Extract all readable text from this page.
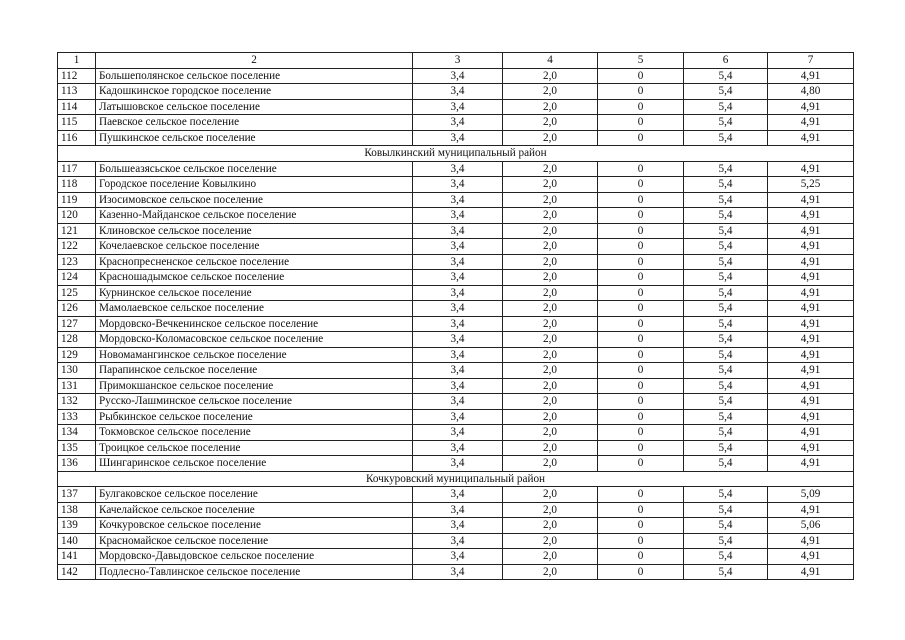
1	2	3	4	5	6	7
112	Большеполянское сельское поселение	3,4	2,0	0	5,4	4,91
113	Кадошкинское городское поселение	3,4	2,0	0	5,4	4,80
114	Латышовское сельское поселение	3,4	2,0	0	5,4	4,91
115	Паевское сельское поселение	3,4	2,0	0	5,4	4,91
116	Пушкинское сельское поселение	3,4	2,0	0	5,4	4,91
Ковылкинский муниципальный район						
117	Большеазясьское сельское поселение	3,4	2,0	0	5,4	4,91
118	Городское поселение Ковылкино	3,4	2,0	0	5,4	5,25
119	Изосимовское сельское поселение	3,4	2,0	0	5,4	4,91
120	Казенно-Майданское сельское поселение	3,4	2,0	0	5,4	4,91
121	Клиновское сельское поселение	3,4	2,0	0	5,4	4,91
122	Кочелаевское сельское поселение	3,4	2,0	0	5,4	4,91
123	Краснопресненское сельское поселение	3,4	2,0	0	5,4	4,91
124	Красношадымское сельское поселение	3,4	2,0	0	5,4	4,91
125	Курнинское сельское поселение	3,4	2,0	0	5,4	4,91
126	Мамолаевское сельское поселение	3,4	2,0	0	5,4	4,91
127	Мордовско-Вечкенинское сельское поселение	3,4	2,0	0	5,4	4,91
128	Мордовско-Коломасовское сельское поселение	3,4	2,0	0	5,4	4,91
129	Новомамангинское сельское поселение	3,4	2,0	0	5,4	4,91
130	Парапинское сельское поселение	3,4	2,0	0	5,4	4,91
131	Примокшанское сельское поселение	3,4	2,0	0	5,4	4,91
132	Русско-Лашминское сельское поселение	3,4	2,0	0	5,4	4,91
133	Рыбкинское сельское поселение	3,4	2,0	0	5,4	4,91
134	Токмовское сельское поселение	3,4	2,0	0	5,4	4,91
135	Троицкое сельское поселение	3,4	2,0	0	5,4	4,91
136	Шингаринское сельское поселение	3,4	2,0	0	5,4	4,91
Кочкуровский муниципальный район						
137	Булгаковское сельское поселение	3,4	2,0	0	5,4	5,09
138	Качелайское сельское поселение	3,4	2,0	0	5,4	4,91
139	Кочкуровское сельское поселение	3,4	2,0	0	5,4	5,06
140	Красномайское сельское поселение	3,4	2,0	0	5,4	4,91
141	Мордовско-Давыдовское сельское поселение	3,4	2,0	0	5,4	4,91
142	Подлесно-Тавлинское сельское поселение	3,4	2,0	0	5,4	4,91
